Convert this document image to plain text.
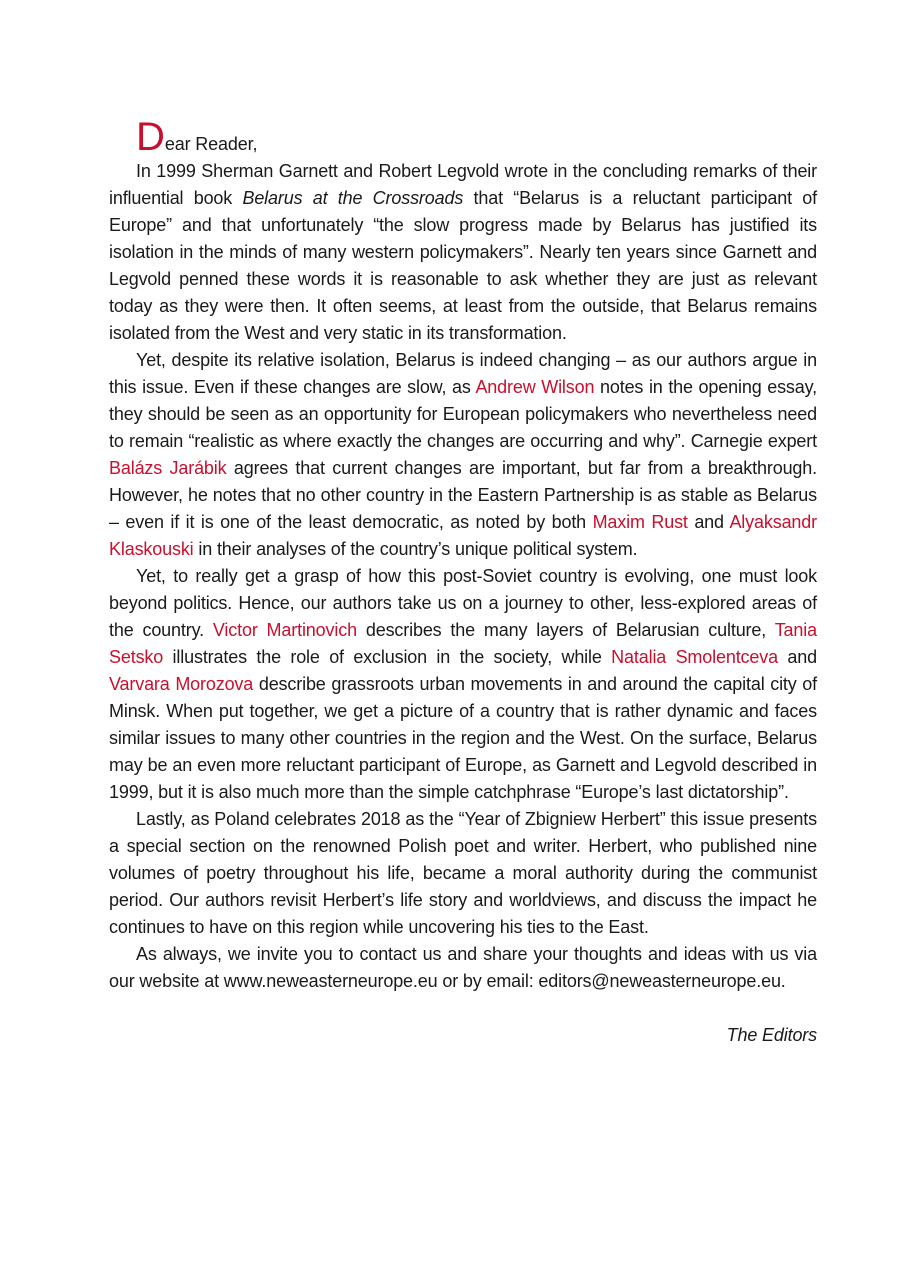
Dear Reader,

In 1999 Sherman Garnett and Robert Legvold wrote in the concluding remarks of their influential book Belarus at the Crossroads that “Belarus is a reluctant participant of Europe” and that unfortunately “the slow progress made by Belarus has justified its isolation in the minds of many western policymakers”. Nearly ten years since Garnett and Legvold penned these words it is reasonable to ask whether they are just as relevant today as they were then. It often seems, at least from the outside, that Belarus remains isolated from the West and very static in its transformation.

Yet, despite its relative isolation, Belarus is indeed changing – as our authors argue in this issue. Even if these changes are slow, as Andrew Wilson notes in the opening essay, they should be seen as an opportunity for European policymakers who nevertheless need to remain “realistic as where exactly the changes are occurring and why”. Carnegie expert Balázs Jarábik agrees that current changes are important, but far from a breakthrough. However, he notes that no other country in the Eastern Partnership is as stable as Belarus – even if it is one of the least democratic, as noted by both Maxim Rust and Alyaksandr Klaskouski in their analyses of the country’s unique political system.

Yet, to really get a grasp of how this post-Soviet country is evolving, one must look beyond politics. Hence, our authors take us on a journey to other, less-explored areas of the country. Victor Martinovich describes the many layers of Belarusian culture, Tania Setsko illustrates the role of exclusion in the society, while Natalia Smolentceva and Varvara Morozova describe grassroots urban movements in and around the capital city of Minsk. When put together, we get a picture of a country that is rather dynamic and faces similar issues to many other countries in the region and the West. On the surface, Belarus may be an even more reluctant participant of Europe, as Garnett and Legvold described in 1999, but it is also much more than the simple catchphrase “Europe’s last dictatorship”.

Lastly, as Poland celebrates 2018 as the “Year of Zbigniew Herbert” this issue presents a special section on the renowned Polish poet and writer. Herbert, who published nine volumes of poetry throughout his life, became a moral authority during the communist period. Our authors revisit Herbert’s life story and worldviews, and discuss the impact he continues to have on this region while uncovering his ties to the East.

As always, we invite you to contact us and share your thoughts and ideas with us via our website at www.neweasterneurope.eu or by email: editors@neweasterneurope.eu.

The Editors
